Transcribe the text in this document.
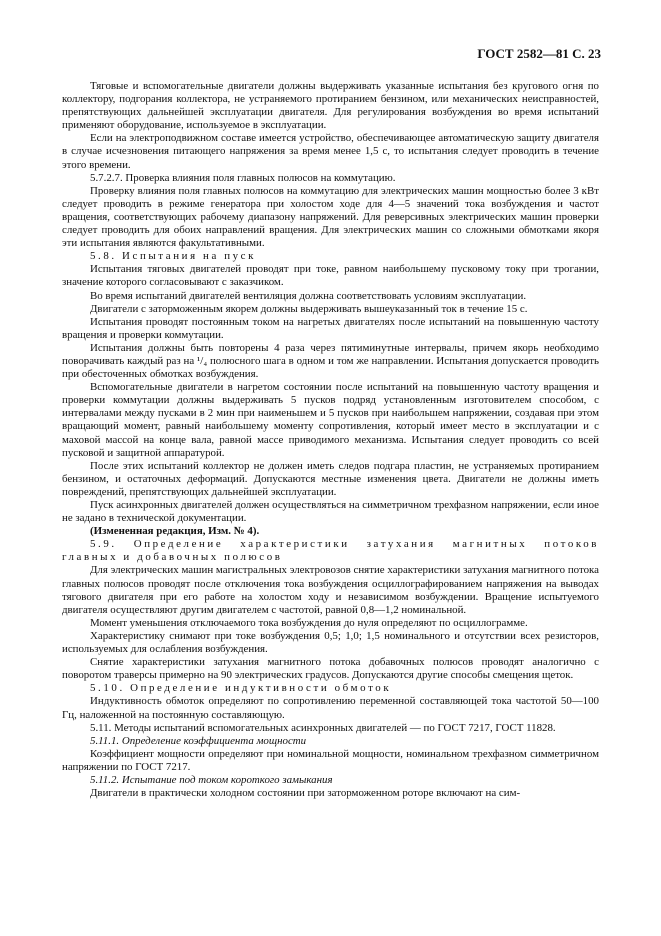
ГОСТ 2582—81 С. 23

Тяговые и вспомогательные двигатели должны выдерживать указанные испытания без кругового огня по коллектору, подгорания коллектора, не устраняемого протиранием бензином, или механических неисправностей, препятствующих дальнейшей эксплуатации двигателя. Для регулирования возбуждения во время испытаний применяют оборудование, используемое в эксплуатации.

Если на электроподвижном составе имеется устройство, обеспечивающее автоматическую защиту двигателя в случае исчезновения питающего напряжения за время менее 1,5 с, то испытания следует проводить в течение этого времени.

5.7.2.7. Проверка влияния поля главных полюсов на коммутацию.

Проверку влияния поля главных полюсов на коммутацию для электрических машин мощностью более 3 кВт следует проводить в режиме генератора при холостом ходе для 4—5 значений тока возбуждения и частот вращения, соответствующих рабочему диапазону напряжений. Для реверсивных электрических машин проверки следует проводить для обоих направлений вращения. Для электрических машин со сложными обмотками якоря эти испытания являются факультативными.

5.8. Испытания на пуск

Испытания тяговых двигателей проводят при токе, равном наибольшему пусковому току при трогании, значение которого согласовывают с заказчиком.

Во время испытаний двигателей вентиляция должна соответствовать условиям эксплуатации.

Двигатели с заторможенным якорем должны выдерживать вышеуказанный ток в течение 15 с.

Испытания проводят постоянным током на нагретых двигателях после испытаний на повышенную частоту вращения и проверки коммутации.

Испытания должны быть повторены 4 раза через пятиминутные интервалы, причем якорь необходимо поворачивать каждый раз на ¹/₄ полюсного шага в одном и том же направлении. Испытания допускается проводить при обесточенных обмотках возбуждения.

Вспомогательные двигатели в нагретом состоянии после испытаний на повышенную частоту вращения и проверки коммутации должны выдерживать 5 пусков подряд установленным изготовителем способом, с интервалами между пусками в 2 мин при наименьшем и 5 пусков при наибольшем напряжении, создавая при этом вращающий момент, равный наибольшему моменту сопротивления, который имеет место в эксплуатации и с маховой массой на конце вала, равной массе приводимого механизма. Испытания следует проводить со всей пусковой и защитной аппаратурой.

После этих испытаний коллектор не должен иметь следов подгара пластин, не устраняемых протиранием бензином, и остаточных деформаций. Допускаются местные изменения цвета. Двигатели не должны иметь повреждений, препятствующих дальнейшей эксплуатации.

Пуск асинхронных двигателей должен осуществляться на симметричном трехфазном напряжении, если иное не задано в технической документации.

(Измененная редакция, Изм. № 4).

5.9. Определение характеристики затухания магнитных потоков главных и добавочных полюсов

Для электрических машин магистральных электровозов снятие характеристики затухания магнитного потока главных полюсов проводят после отключения тока возбуждения осциллографированием напряжения на выводах тягового двигателя при его работе на холостом ходу и независимом возбуждении. Вращение испытуемого двигателя осуществляют другим двигателем с частотой, равной 0,8—1,2 номинальной.

Момент уменьшения отключаемого тока возбуждения до нуля определяют по осциллограмме.

Характеристику снимают при токе возбуждения 0,5; 1,0; 1,5 номинального и отсутствии всех резисторов, используемых для ослабления возбуждения.

Снятие характеристики затухания магнитного потока добавочных полюсов проводят аналогично с поворотом траверсы примерно на 90 электрических градусов. Допускаются другие способы смещения щеток.

5.10. Определение индуктивности обмоток

Индуктивность обмоток определяют по сопротивлению переменной составляющей тока частотой 50—100 Гц, наложенной на постоянную составляющую.

5.11. Методы испытаний вспомогательных асинхронных двигателей — по ГОСТ 7217, ГОСТ 11828.

5.11.1. Определение коэффициента мощности

Коэффициент мощности определяют при номинальной мощности, номинальном трехфазном симметричном напряжении по ГОСТ 7217.

5.11.2. Испытание под током короткого замыкания

Двигатели в практически холодном состоянии при заторможенном роторе включают на сим-
